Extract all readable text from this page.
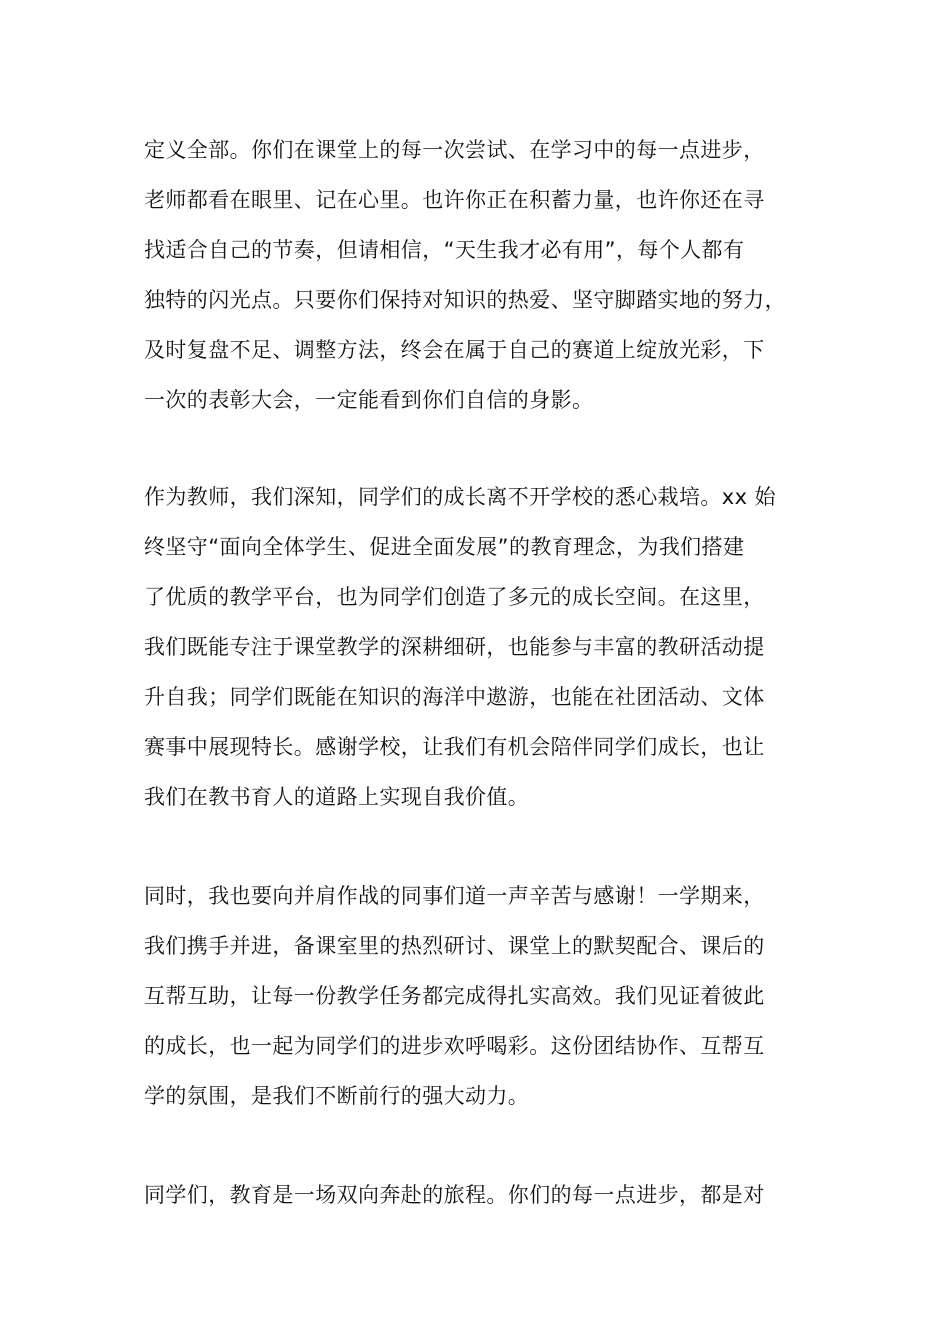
定义全部。你们在课堂上的每一次尝试、在学习中的每一点进步，

老师都看在眼里、记在心里。也许你正在积蓄力量，也许你还在寻

找适合自己的节奏，但请相信，“天生我才必有用”，每个人都有

独特的闪光点。只要你们保持对知识的热爱、坚守脚踏实地的努力，

及时复盘不足、调整方法，终会在属于自己的赛道上绽放光彩，下

一次的表彰大会，一定能看到你们自信的身影。

作为教师，我们深知，同学们的成长离不开学校的悉心栽培。xx 始

终坚守“面向全体学生、促进全面发展”的教育理念，为我们搭建

了优质的教学平台，也为同学们创造了多元的成长空间。在这里，

我们既能专注于课堂教学的深耕细研，也能参与丰富的教研活动提

升自我；同学们既能在知识的海洋中遨游，也能在社团活动、文体

赛事中展现特长。感谢学校，让我们有机会陪伴同学们成长，也让

我们在教书育人的道路上实现自我价值。

同时，我也要向并肩作战的同事们道一声辛苦与感谢！一学期来，

我们携手并进，备课室里的热烈研讨、课堂上的默契配合、课后的

互帮互助，让每一份教学任务都完成得扎实高效。我们见证着彼此

的成长，也一起为同学们的进步欢呼喝彩。这份团结协作、互帮互

学的氛围，是我们不断前行的强大动力。

同学们，教育是一场双向奔赴的旅程。你们的每一点进步，都是对
